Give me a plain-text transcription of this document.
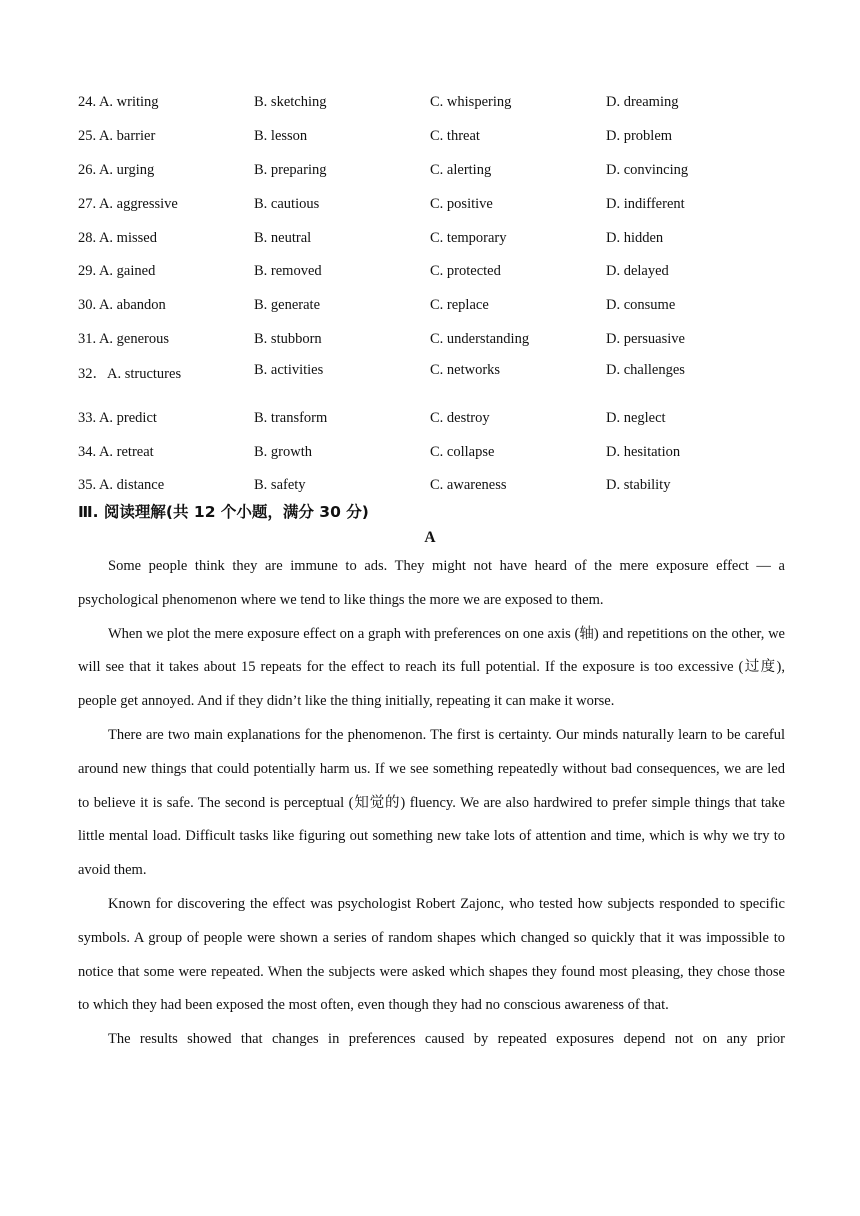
24. A. writing	B. sketching	C. whispering	D. dreaming
25. A. barrier	B. lesson	C. threat	D. problem
26. A. urging	B. preparing	C. alerting	D. convincing
27. A. aggressive	B. cautious	C. positive	D. indifferent
28. A. missed	B. neutral	C. temporary	D. hidden
29. A. gained	B. removed	C. protected	D. delayed
30. A. abandon	B. generate	C. replace	D. consume
31. A. generous	B. stubborn	C. understanding	D. persuasive
32．A. structures	B. activities	C. networks	D. challenges
33. A. predict	B. transform	C. destroy	D. neglect
34. A. retreat	B. growth	C. collapse	D. hesitation
35. A. distance	B. safety	C. awareness	D. stability
Ⅲ. 阅读理解(共 12 个小题，满分 30 分)
A

Some people think they are immune to ads. They might not have heard of the mere exposure effect — a psychological phenomenon where we tend to like things the more we are exposed to them.

When we plot the mere exposure effect on a graph with preferences on one axis (轴) and repetitions on the other, we will see that it takes about 15 repeats for the effect to reach its full potential. If the exposure is too excessive (过度), people get annoyed. And if they didn’t like the thing initially, repeating it can make it worse.

There are two main explanations for the phenomenon. The first is certainty. Our minds naturally learn to be careful around new things that could potentially harm us. If we see something repeatedly without bad consequences, we are led to believe it is safe. The second is perceptual (知觉的) fluency. We are also hardwired to prefer simple things that take little mental load. Difficult tasks like figuring out something new take lots of attention and time, which is why we try to avoid them.

Known for discovering the effect was psychologist Robert Zajonc, who tested how subjects responded to specific symbols. A group of people were shown a series of random shapes which changed so quickly that it was impossible to notice that some were repeated. When the subjects were asked which shapes they found most pleasing, they chose those to which they had been exposed the most often, even though they had no conscious awareness of that.

The results showed that changes in preferences caused by repeated exposures depend not on any prior
